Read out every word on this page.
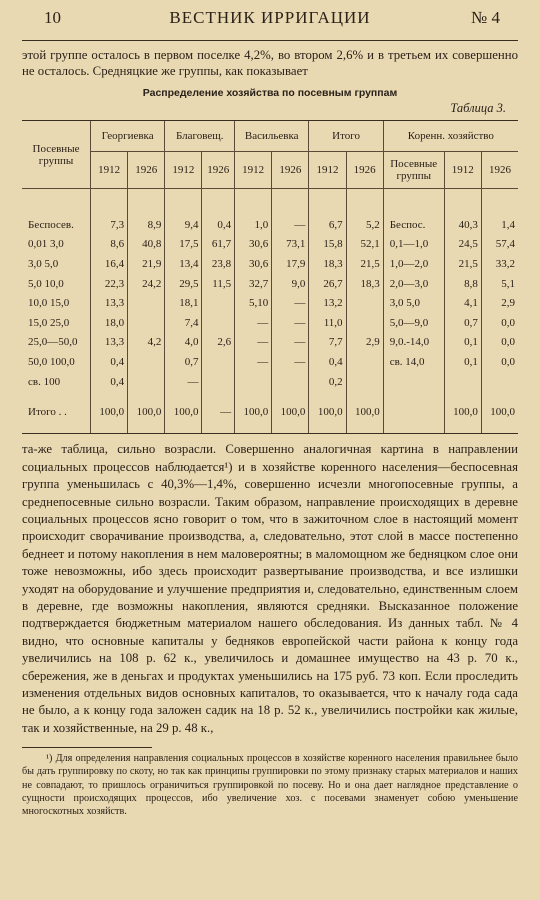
10	ВЕСТНИК ИРРИГАЦИИ	№ 4

этой группе осталось в первом поселке 4,2%, во втором 2,6% и в третьем их совершенно не осталось. Средняцкие же группы, как показывает

Распределение хозяйства по посевным группам
Таблица 3.
Посевные группы	Георгиевка		Благовещ.		Васильевка		Итого		Коренн. хозяйство		
	1912	1926	1912	1926	1912	1926	1912	1926	Посевные группы	1912	1926

Беспосев.	7,3	8,9	9,4	0,4	1,0	—	6,7	5,2	Беспос.	40,3	1,4
0,01 3,0	8,6	40,8	17,5	61,7	30,6	73,1	15,8	52,1	0,1—1,0	24,5	57,4
3,0 5,0	16,4	21,9	13,4	23,8	30,6	17,9	18,3	21,5	1,0—2,0	21,5	33,2
5,0 10,0	22,3	24,2	29,5	11,5	32,7	9,0	26,7	18,3	2,0—3,0	8,8	5,1
10,0 15,0	13,3		18,1		5,10	—	13,2		3,0 5,0	4,1	2,9
15,0 25,0	18,0		7,4		—	—	11,0		5,0—9,0	0,7	0,0
25,0—50,0	13,3	4,2	4,0	2,6	—	—	7,7	2,9	9,0.-14,0	0,1	0,0
50,0 100,0	0,4		0,7		—	—	0,4		св. 14,0	0,1	0,0
св. 100	0,4		—				0,2				
Итого . .	100,0	100,0	100,0	—	100,0	100,0	100,0	100,0		100,0	100,0

та-же таблица, сильно возрасли. Совершенно аналогичная картина в направлении социальных процессов наблюдается¹) и в хозяйстве коренного населения—беспосевная группа уменьшилась с 40,3%—1,4%, совершенно исчезли многопосевные группы, а среднепосевные сильно возрасли. Таким образом, направление происходящих в деревне социальных процессов ясно говорит о том, что в зажиточном слое в настоящий момент происходит сворачивание производства, а, следовательно, этот слой в массе постепенно беднеет и потому накопления в нем маловероятны; в маломощном же бедняцком слое они тоже невозможны, ибо здесь происходит развертывание производства, и все излишки уходят на оборудование и улучшение предприятия и, следовательно, единственным слоем в деревне, где возможны накопления, являются средняки. Высказанное положение подтверждается бюджетным материалом нашего обследования. Из данных табл. № 4 видно, что основные капиталы у бедняков европейской части района к концу года увеличились на 108 р. 62 к., увеличилось и домашнее имущество на 43 р. 70 к., сбережения, же в деньгах и продуктах уменьшились на 175 руб. 73 коп. Если проследить изменения отдельных видов основных капиталов, то оказывается, что к началу года сада не было, а к концу года заложен садик на 18 р. 52 к., увеличились постройки как жилые, так и хозяйственные, на 29 р. 48 к.,

¹) Для определения направления социальных процессов в хозяйстве коренного населения правильнее было бы дать группировку по скоту, но так как принципы группировки по этому признаку старых материалов и наших не совпадают, то пришлось ограничиться группировкой по посеву. Но и она дает наглядное представление о сущности происходящих процессов, ибо увеличение хоз. с посевами знаменует собою уменьшение многоскотных хозяйств.
